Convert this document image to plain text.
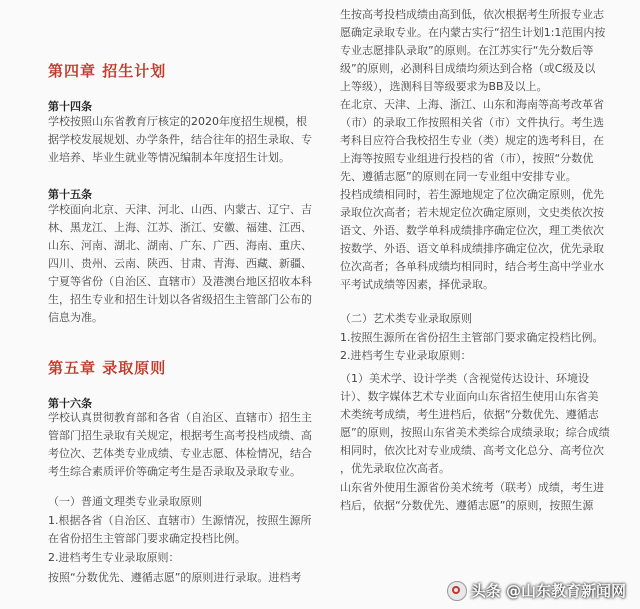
第四章 招生计划
第十四条
学校按照山东省教育厅核定的2020年度招生规模，根
据学校发展规划、办学条件，结合往年的招生录取、专
业培养、毕业生就业等情况编制本年度招生计划。
第十五条
学校面向北京、天津、河北、山西、内蒙古、辽宁、吉
林、黑龙江、上海、江苏、浙江、安徽、福建、江西、
山东、河南、湖北、湖南、广东、广西、海南、重庆、
四川、贵州、云南、陕西、甘肃、青海、西藏、新疆、
宁夏等省份（自治区、直辖市）及港澳台地区招收本科
生，招生专业和招生计划以各省级招生主管部门公布的
信息为准。
第五章 录取原则
第十六条
学校认真贯彻教育部和各省（自治区、直辖市）招生主
管部门招生录取有关规定，根据考生高考投档成绩、高
考位次、艺体类专业成绩、专业志愿、体检情况，结合
考生综合素质评价等确定考生是否录取及录取专业。
（一）普通文理类专业录取原则
1.根据各省（自治区、直辖市）生源情况，按照生源所
在省份招生主管部门要求确定投档比例。
2.进档考生专业录取原则：
按照“分数优先、遵循志愿”的原则进行录取。进档考
生按高考投档成绩由高到低，依次根据考生所报专业志
愿确定录取专业。在内蒙古实行“招生计划1:1范围内按
专业志愿排队录取”的原则。在江苏实行“先分数后等
级”的原则，必测科目成绩均须达到合格（或C级及以
上等级），选测科目等级要求为BB及以上。
在北京、天津、上海、浙江、山东和海南等高考改革省
（市）的录取工作按照相关省（市）文件执行。考生选
考科目应符合我校招生专业（类）规定的选考科目，在
上海等按照专业组进行投档的省（市），按照“分数优
先、遵循志愿”的原则在同一专业组中安排专业。
投档成绩相同时，若生源地规定了位次确定原则，优先
录取位次高者；若未规定位次确定原则，文史类依次按
语文、外语、数学单科成绩排序确定位次，理工类依次
按数学、外语、语文单科成绩排序确定位次，优先录取
位次高者；各单科成绩均相同时，结合考生高中学业水
平考试成绩等因素，择优录取。
（二）艺术类专业录取原则
1.按照生源所在省份招生主管部门要求确定投档比例。
2.进档考生专业录取原则：
（1）美术学、设计学类（含视觉传达设计、环境设
计）、数字媒体艺术专业面向山东省招生使用山东省美
术类统考成绩，考生进档后，依据“分数优先、遵循志
愿”的原则，按照山东省美术类综合成绩录取；综合成绩
相同时，依次比对专业成绩、高考文化总分、高考位次
，优先录取位次高者。
山东省外使用生源省份美术统考（联考）成绩，考生进
档后，依据“分数优先、遵循志愿”的原则，按照生源
头条 @山东教育新闻网
